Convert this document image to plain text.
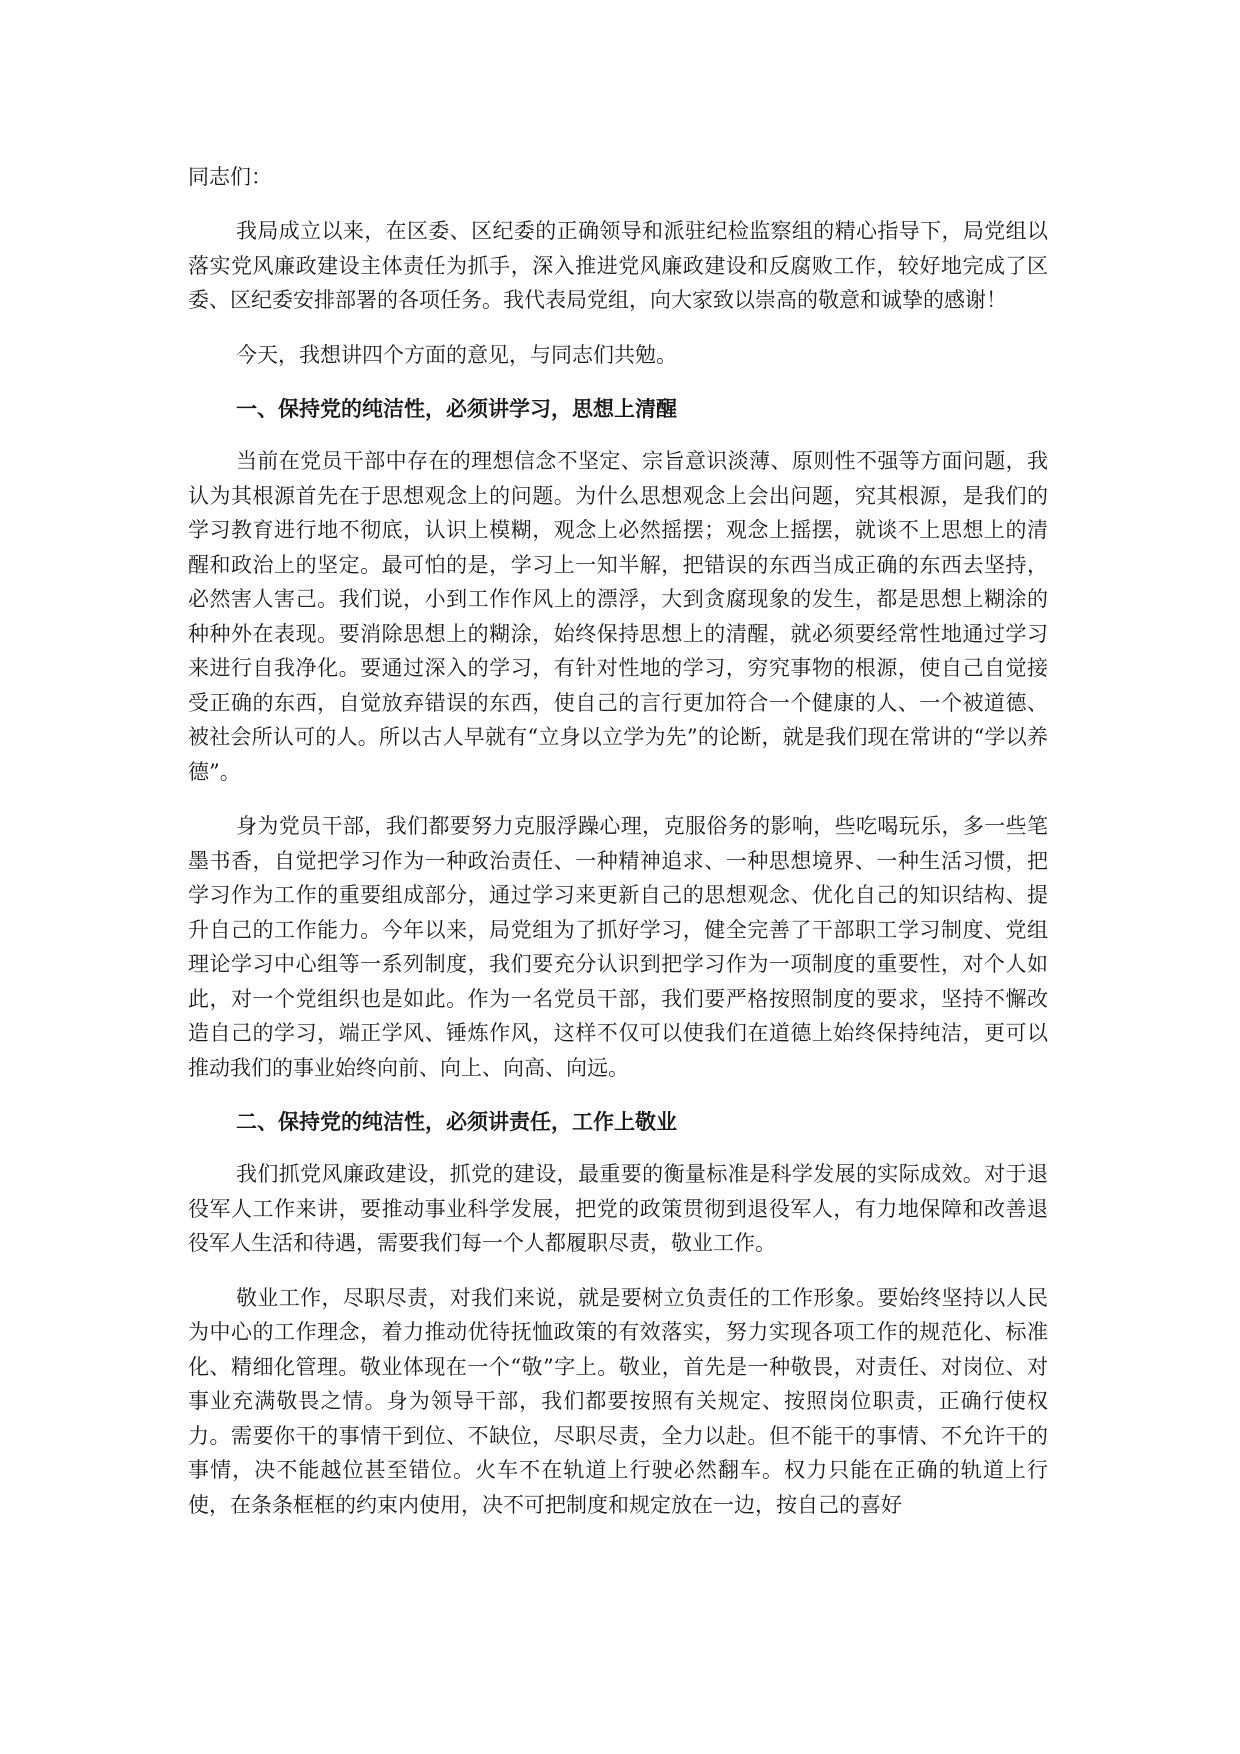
同志们：

我局成立以来，在区委、区纪委的正确领导和派驻纪检监察组的精心指导下，局党组以落实党风廉政建设主体责任为抓手，深入推进党风廉政建设和反腐败工作，较好地完成了区委、区纪委安排部署的各项任务。我代表局党组，向大家致以崇高的敬意和诚挚的感谢！

今天，我想讲四个方面的意见，与同志们共勉。

一、保持党的纯洁性，必须讲学习，思想上清醒

当前在党员干部中存在的理想信念不坚定、宗旨意识淡薄、原则性不强等方面问题，我认为其根源首先在于思想观念上的问题。为什么思想观念上会出问题，究其根源，是我们的学习教育进行地不彻底，认识上模糊，观念上必然摇摆；观念上摇摆，就谈不上思想上的清醒和政治上的坚定。最可怕的是，学习上一知半解，把错误的东西当成正确的东西去坚持，必然害人害己。我们说，小到工作作风上的漂浮，大到贪腐现象的发生，都是思想上糊涂的种种外在表现。要消除思想上的糊涂，始终保持思想上的清醒，就必须要经常性地通过学习来进行自我净化。要通过深入的学习，有针对性地的学习，穷究事物的根源，使自己自觉接受正确的东西，自觉放弃错误的东西，使自己的言行更加符合一个健康的人、一个被道德、被社会所认可的人。所以古人早就有“立身以立学为先”的论断，就是我们现在常讲的“学以养德”。

身为党员干部，我们都要努力克服浮躁心理，克服俗务的影响，些吃喝玩乐，多一些笔墨书香，自觉把学习作为一种政治责任、一种精神追求、一种思想境界、一种生活习惯，把学习作为工作的重要组成部分，通过学习来更新自己的思想观念、优化自己的知识结构、提升自己的工作能力。今年以来，局党组为了抓好学习，健全完善了干部职工学习制度、党组理论学习中心组等一系列制度，我们要充分认识到把学习作为一项制度的重要性，对个人如此，对一个党组织也是如此。作为一名党员干部，我们要严格按照制度的要求，坚持不懈改造自己的学习，端正学风、锤炼作风，这样不仅可以使我们在道德上始终保持纯洁，更可以推动我们的事业始终向前、向上、向高、向远。

二、保持党的纯洁性，必须讲责任，工作上敬业

我们抓党风廉政建设，抓党的建设，最重要的衡量标准是科学发展的实际成效。对于退役军人工作来讲，要推动事业科学发展，把党的政策贯彻到退役军人，有力地保障和改善退役军人生活和待遇，需要我们每一个人都履职尽责，敬业工作。

敬业工作，尽职尽责，对我们来说，就是要树立负责任的工作形象。要始终坚持以人民为中心的工作理念，着力推动优待抚恤政策的有效落实，努力实现各项工作的规范化、标准化、精细化管理。敬业体现在一个“敬”字上。敬业，首先是一种敬畏，对责任、对岗位、对事业充满敬畏之情。身为领导干部，我们都要按照有关规定、按照岗位职责，正确行使权力。需要你干的事情干到位、不缺位，尽职尽责，全力以赴。但不能干的事情、不允许干的事情，决不能越位甚至错位。火车不在轨道上行驶必然翻车。权力只能在正确的轨道上行使，在条条框框的约束内使用，决不可把制度和规定放在一边，按自己的喜好
